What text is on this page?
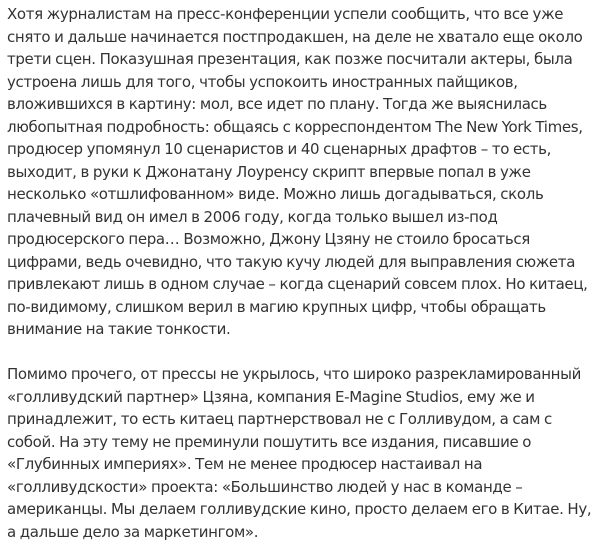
Хотя журналистам на пресс-конференции успели сообщить, что все уже снято и дальше начинается постпродакшен, на деле не хватало еще около трети сцен. Показушная презентация, как позже посчитали актеры, была устроена лишь для того, чтобы успокоить иностранных пайщиков, вложившихся в картину: мол, все идет по плану. Тогда же выяснилась любопытная подробность: общаясь с корреспондентом The New York Times, продюсер упомянул 10 сценаристов и 40 сценарных драфтов – то есть, выходит, в руки к Джонатану Лоуренсу скрипт впервые попал в уже несколько «отшлифованном» виде. Можно лишь догадываться, сколь плачевный вид он имел в 2006 году, когда только вышел из-под продюсерского пера… Возможно, Джону Цзяну не стоило бросаться цифрами, ведь очевидно, что такую кучу людей для выправления сюжета привлекают лишь в одном случае – когда сценарий совсем плох. Но китаец, по-видимому, слишком верил в магию крупных цифр, чтобы обращать внимание на такие тонкости.

Помимо прочего, от прессы не укрылось, что широко разрекламированный «голливудский партнер» Цзяна, компания E-Magine Studios, ему же и принадлежит, то есть китаец партнерствовал не с Голливудом, а сам с собой. На эту тему не преминули пошутить все издания, писавшие о «Глубинных империях». Тем не менее продюсер настаивал на «голливудскости» проекта: «Большинство людей у нас в команде – американцы. Мы делаем голливудские кино, просто делаем его в Китае. Ну, а дальше дело за маркетингом».
